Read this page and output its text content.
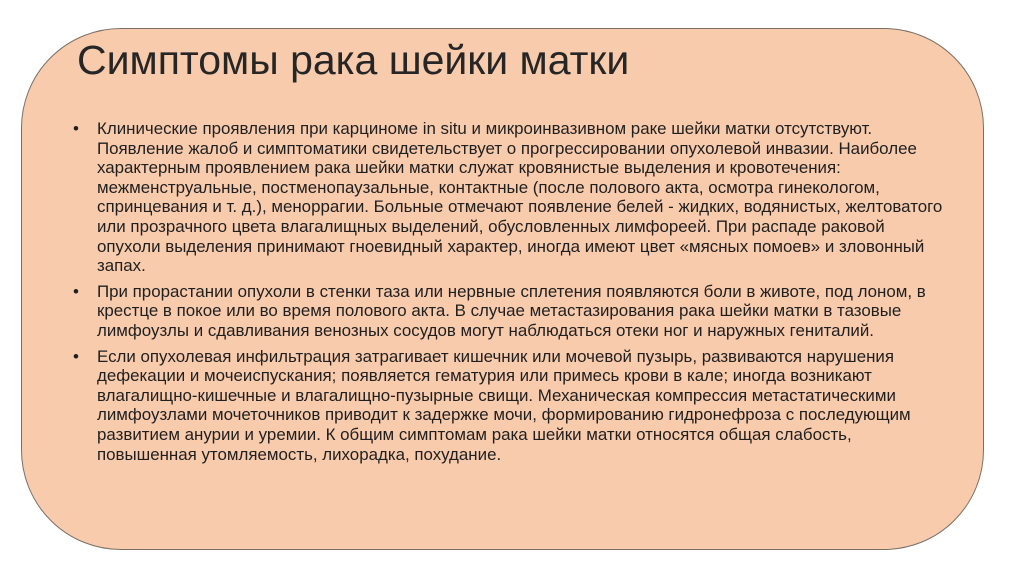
Симптомы рака шейки матки
•	Клинические проявления при карциноме in situ и микроинвазивном раке шейки матки отсутствуют. Появление жалоб и симптоматики свидетельствует о прогрессировании опухолевой инвазии. Наиболее характерным проявлением рака шейки матки служат кровянистые выделения и кровотечения: межменструальные, постменопаузальные, контактные (после полового акта, осмотра гинекологом, спринцевания и т. д.), меноррагии. Больные отмечают появление белей - жидких, водянистых, желтоватого или прозрачного цвета влагалищных выделений, обусловленных лимфореей. При распаде раковой опухоли выделения принимают гноевидный характер, иногда имеют цвет «мясных помоев» и зловонный запах.
•	При прорастании опухоли в стенки таза или нервные сплетения появляются боли в животе, под лоном, в крестце в покое или во время полового акта. В случае метастазирования рака шейки матки в тазовые лимфоузлы и сдавливания венозных сосудов могут наблюдаться отеки ног и наружных гениталий.
•	Если опухолевая инфильтрация затрагивает кишечник или мочевой пузырь, развиваются нарушения дефекации и мочеиспускания; появляется гематурия или примесь крови в кале; иногда возникают влагалищно-кишечные и влагалищно-пузырные свищи. Механическая компрессия метастатическими лимфоузлами мочеточников приводит к задержке мочи, формированию гидронефроза с последующим развитием анурии и уремии. К общим симптомам рака шейки матки относятся общая слабость, повышенная утомляемость, лихорадка, похудание.
